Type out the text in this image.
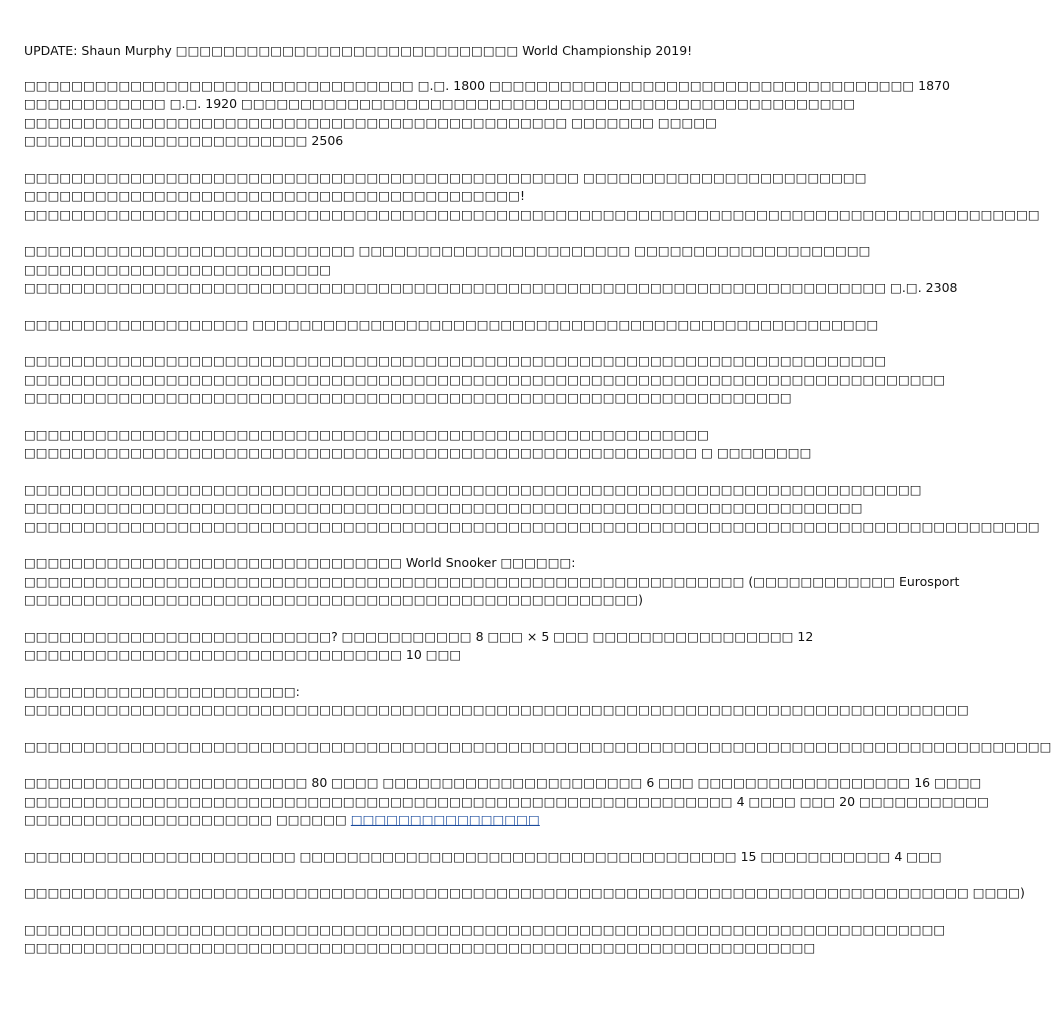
UPDATE: Shaun Murphy □□□□□□□□□□□□□□□□□□□□□□□□□□□□□ World Championship 2019!

□□□□□□□□□□□□□□□□□□□□□□□□□□□□□□□□□ □.□. 1800 □□□□□□□□□□□□□□□□□□□□□□□□□□□□□□□□□□□□ 1870
□□□□□□□□□□□□ □.□. 1920 □□□□□□□□□□□□□□□□□□□□□□□□□□□□□□□□□□□□□□□□□□□□□□□□□□□□
□□□□□□□□□□□□□□□□□□□□□□□□□□□□□□□□□□□□□□□□□□□□□□ □□□□□□□ □□□□□
□□□□□□□□□□□□□□□□□□□□□□□□ 2506

□□□□□□□□□□□□□□□□□□□□□□□□□□□□□□□□□□□□□□□□□□□□□□□ □□□□□□□□□□□□□□□□□□□□□□□□
□□□□□□□□□□□□□□□□□□□□□□□□□□□□□□□□□□□□□□□□□□!
□□□□□□□□□□□□□□□□□□□□□□□□□□□□□□□□□□□□□□□□□□□□□□□□□□□□□□□□□□□□□□□□□□□□□□□□□□□□□□□□□□□□□□

□□□□□□□□□□□□□□□□□□□□□□□□□□□□ □□□□□□□□□□□□□□□□□□□□□□□ □□□□□□□□□□□□□□□□□□□□
□□□□□□□□□□□□□□□□□□□□□□□□□□
□□□□□□□□□□□□□□□□□□□□□□□□□□□□□□□□□□□□□□□□□□□□□□□□□□□□□□□□□□□□□□□□□□□□□□□□□ □.□. 2308

□□□□□□□□□□□□□□□□□□□ □□□□□□□□□□□□□□□□□□□□□□□□□□□□□□□□□□□□□□□□□□□□□□□□□□□□□

□□□□□□□□□□□□□□□□□□□□□□□□□□□□□□□□□□□□□□□□□□□□□□□□□□□□□□□□□□□□□□□□□□□□□□□□□
□□□□□□□□□□□□□□□□□□□□□□□□□□□□□□□□□□□□□□□□□□□□□□□□□□□□□□□□□□□□□□□□□□□□□□□□□□□□□□
□□□□□□□□□□□□□□□□□□□□□□□□□□□□□□□□□□□□□□□□□□□□□□□□□□□□□□□□□□□□□□□□□

□□□□□□□□□□□□□□□□□□□□□□□□□□□□□□□□□□□□□□□□□□□□□□□□□□□□□□□□□□
□□□□□□□□□□□□□□□□□□□□□□□□□□□□□□□□□□□□□□□□□□□□□□□□□□□□□□□□□ □ □□□□□□□□

□□□□□□□□□□□□□□□□□□□□□□□□□□□□□□□□□□□□□□□□□□□□□□□□□□□□□□□□□□□□□□□□□□□□□□□□□□□□
□□□□□□□□□□□□□□□□□□□□□□□□□□□□□□□□□□□□□□□□□□□□□□□□□□□□□□□□□□□□□□□□□□□□□□□
□□□□□□□□□□□□□□□□□□□□□□□□□□□□□□□□□□□□□□□□□□□□□□□□□□□□□□□□□□□□□□□□□□□□□□□□□□□□□□□□□□□□□□

□□□□□□□□□□□□□□□□□□□□□□□□□□□□□□□□ World Snooker □□□□□□:
□□□□□□□□□□□□□□□□□□□□□□□□□□□□□□□□□□□□□□□□□□□□□□□□□□□□□□□□□□□□□ (□□□□□□□□□□□□ Eurosport
□□□□□□□□□□□□□□□□□□□□□□□□□□□□□□□□□□□□□□□□□□□□□□□□□□□□)

□□□□□□□□□□□□□□□□□□□□□□□□□□? □□□□□□□□□□□ 8 □□□ × 5 □□□ □□□□□□□□□□□□□□□□□ 12
□□□□□□□□□□□□□□□□□□□□□□□□□□□□□□□□ 10 □□□

□□□□□□□□□□□□□□□□□□□□□□□:
□□□□□□□□□□□□□□□□□□□□□□□□□□□□□□□□□□□□□□□□□□□□□□□□□□□□□□□□□□□□□□□□□□□□□□□□□□□□□□□□

□□□□□□□□□□□□□□□□□□□□□□□□□□□□□□□□□□□□□□□□□□□□□□□□□□□□□□□□□□□□□□□□□□□□□□□□□□□□□□□□□□□□□□□

□□□□□□□□□□□□□□□□□□□□□□□□ 80 □□□□ □□□□□□□□□□□□□□□□□□□□□□ 6 □□□ □□□□□□□□□□□□□□□□□□ 16 □□□□
□□□□□□□□□□□□□□□□□□□□□□□□□□□□□□□□□□□□□□□□□□□□□□□□□□□□□□□□□□□□ 4 □□□□ □□□ 20 □□□□□□□□□□□
□□□□□□□□□□□□□□□□□□□□□ □□□□□□ □□□□□□□□□□□□□□□□

□□□□□□□□□□□□□□□□□□□□□□□ □□□□□□□□□□□□□□□□□□□□□□□□□□□□□□□□□□□□□ 15 □□□□□□□□□□□ 4 □□□

□□□□□□□□□□□□□□□□□□□□□□□□□□□□□□□□□□□□□□□□□□□□□□□□□□□□□□□□□□□□□□□□□□□□□□□□□□□□□□□□ □□□□)

□□□□□□□□□□□□□□□□□□□□□□□□□□□□□□□□□□□□□□□□□□□□□□□□□□□□□□□□□□□□□□□□□□□□□□□□□□□□□□
□□□□□□□□□□□□□□□□□□□□□□□□□□□□□□□□□□□□□□□□□□□□□□□□□□□□□□□□□□□□□□□□□□□
